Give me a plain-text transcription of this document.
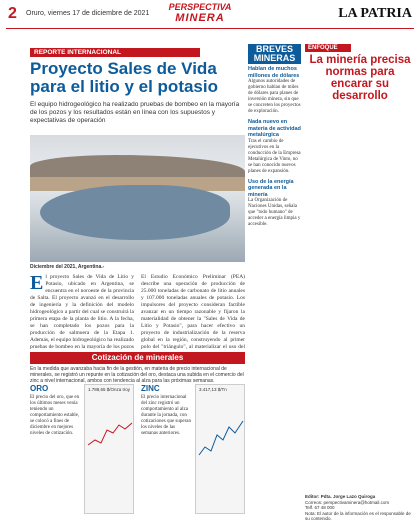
2 Oruro, viernes 17 de diciembre de 2021
PERSPECTIVA
MINERA	LA PATRIA
REPORTE INTERNACIONAL
Proyecto Sales de Vida para el litio y el potasio
El equipo hidrogeológico ha realizado pruebas de bombeo en la mayoría de los pozos y los resultados están en línea con los supuestos y expectativas de operación
Diciembre del 2021, Argentina.-
E l proyecto Sales de Vida de Litio y Potasio, ubicado en Argentina, se encuentra en el noroeste de la provincia de Salta. El proyecto avanzó en el desarrollo de ingeniería y la definición del modelo hidrogeológico a partir del cual se construirá la primera etapa de la planta de litio. A la fecha, se han completado los pozos para la producción de salmuera de la Etapa 1. Además, el equipo hidrogeológico ha realizado pruebas de bombeo en la mayoría de los pozos
El Estudio Económico Preliminar (PEA) describe una operación de producción de 25.000 toneladas de carbonato de litio anuales y 107.000 toneladas anuales de potasio. Los impulsores del proyecto consideran factible avanzar en un tiempo razonable y fijaron la materialidad de obtener la "Sales de Vida de Litio y Potasio", para hacer efectivo un proyecto de industrialización de la reserva global en la región, construyendo al primer polo del "triángulo", al materializar el uso del
Cotización de minerales
En la medida que avanzaba hacia fin de la gestión, en materia de precio internacional de minerales, se registró un repunte en la cotización del oro, destaca una subida en el comercio del zinc a nivel internacional, ambos con tendencia al alza para las próximas semanas.
ORO
El precio del oro, que en los últimos meses venía teniendo un comportamiento estable, se colocó a fines de diciembre en mejores niveles de cotización.
1.788,65 $/Onza troy ZINC
El precio internacional del zinc registró un comportamiento al alza durante la jornada, con cotizaciones que superan los niveles de las semanas anteriores.
3.417,13 $/Tn
BREVES
MINERAS
Hablan de muchos millones de dólares
Algunos autoridades de gobierno hablan de miles de dólares para planes de inversión minera, sin que se concreten los proyectos de exploración.
Nada nuevo en materia de actividad metalúrgica
Tras el cambio de ejecutivos en la conducción de la Empresa Metalúrgica de Vinto, no se han conocido nuevos planes de expansión.
Uso de la energía generada en la minería
La Organización de Naciones Unidas, señala que "todo humano" de acceder a energía limpia y accesible.
ENFOQUE
La minería precisa normas para encarar su desarrollo
Editor: Pdta. Jorge Lazo Quiroga
Correos: perspectivaminera@hotmail.com
Telf. 67 48 000
Nota: El autor de la información es el responsable de su contenido.
